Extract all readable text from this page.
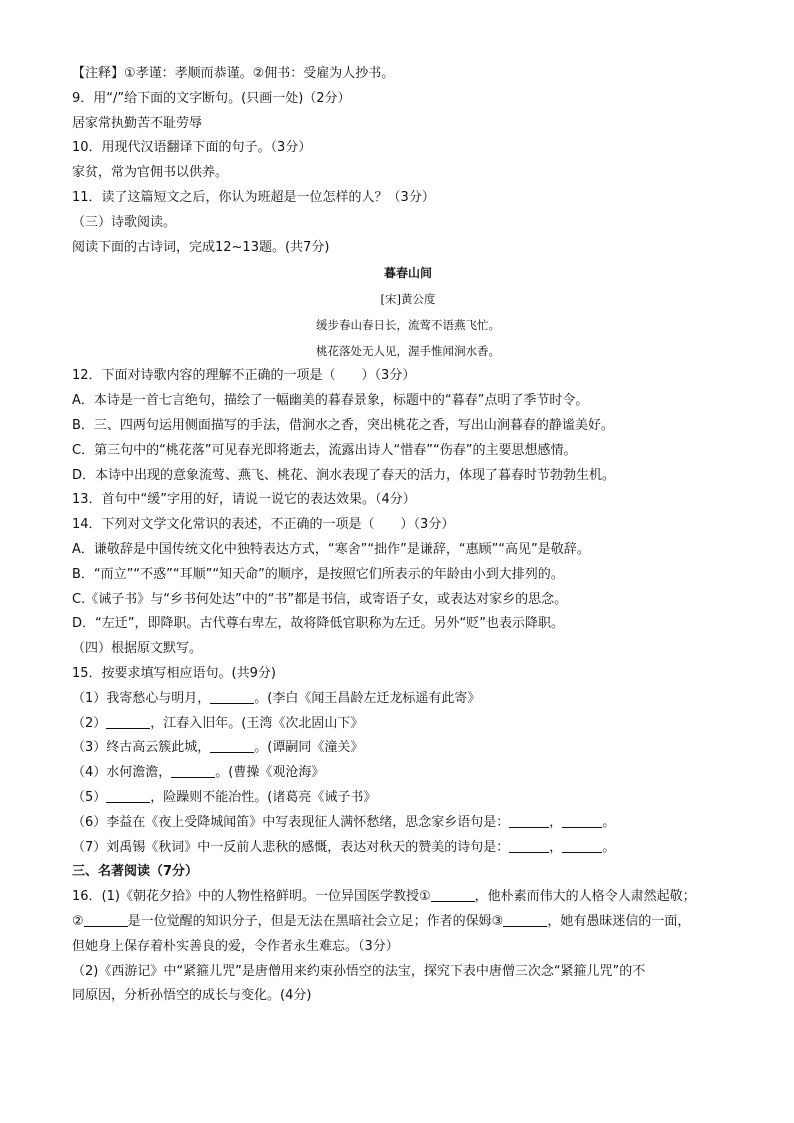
【注释】①孝谨：孝顺而恭谨。②佣书：受雇为人抄书。
9．用“/”给下面的文字断句。(只画一处)（2分）
居家常执勤苦不耻劳辱
10．用现代汉语翻译下面的句子。（3分）
家贫，常为官佣书以供养。
11．读了这篇短文之后，你认为班超是一位怎样的人？（3分）
（三）诗歌阅读。
阅读下面的古诗词，完成12~13题。(共7分)
暮春山间
[宋]黄公度
缓步春山春日长，流莺不语燕飞忙。
桃花落处无人见，渥手惟闻涧水香。
12．下面对诗歌内容的理解不正确的一项是（　　）（3分）
A．本诗是一首七言绝句，描绘了一幅幽美的暮春景象，标题中的“暮春”点明了季节时令。
B．三、四两句运用侧面描写的手法，借涧水之香，突出桃花之香，写出山涧暮春的静谧美好。
C．第三句中的“桃花落”可见春光即将逝去，流露出诗人“惜春”“伤春”的主要思想感情。
D．本诗中出现的意象流莺、燕飞、桃花、涧水表现了春天的活力，体现了暮春时节勃勃生机。
13．首句中“缓”字用的好，请说一说它的表达效果。（4分）
14．下列对文学文化常识的表述，不正确的一项是（　　）（3分）
A．谦敬辞是中国传统文化中独特表达方式，“寒舍”“拙作”是谦辞，“惠顾”“高见”是敬辞。
B．“而立”“不惑”“耳顺”“知天命”的顺序，是按照它们所表示的年龄由小到大排列的。
C.《诫子书》与“乡书何处达”中的“书”都是书信，或寄语子女，或表达对家乡的思念。
D．“左迁”，即降职。古代尊右卑左，故将降低官职称为左迁。另外“贬”也表示降职。
（四）根据原文默写。
15．按要求填写相应语句。(共9分)
（1）我寄愁心与明月，	。(李白《闻王昌龄左迁龙标遥有此寄》
（2）	，江春入旧年。(王湾《次北固山下》
（3）终古高云簇此城，	。(谭嗣同《潼关》
（4）水何澹澹，	。(曹操《观沧海》
（5）	，险躁则不能冶性。(诸葛亮《诫子书》
（6）李益在《夜上受降城闻笛》中写表现征人满怀愁绪，思念家乡语句是：	，	。
（7）刘禹锡《秋词》中一反前人悲秋的感慨，表达对秋天的赞美的诗句是：	，	。
三、名著阅读（7分）
16．(1)《朝花夕拾》中的人物性格鲜明。一位异国医学教授①	，他朴素而伟大的人格令人肃然起敬；
②	是一位觉醒的知识分子，但是无法在黑暗社会立足；作者的保姆③	，她有愚昧迷信的一面，
但她身上保存着朴实善良的爱，令作者永生难忘。（3分）
（2)《西游记》中“紧箍儿咒”是唐僧用来约束孙悟空的法宝，探究下表中唐僧三次念“紧箍儿咒”的不
同原因，分析孙悟空的成长与变化。(4分)
